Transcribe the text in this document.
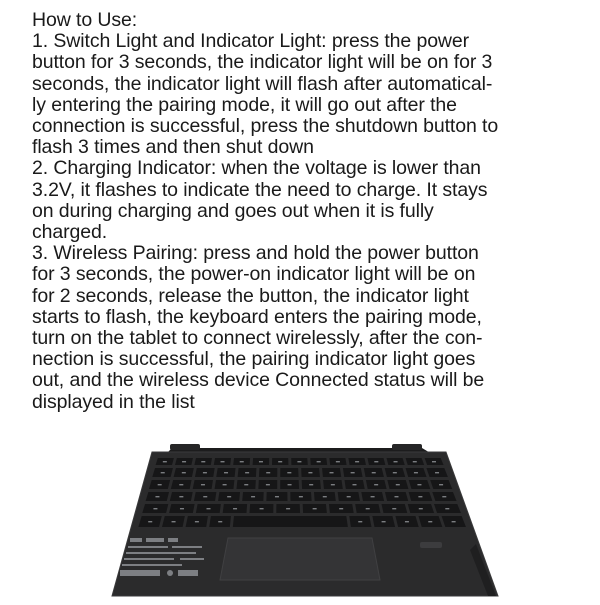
How to Use:
1. Switch Light and Indicator Light: press the power
button for 3 seconds, the indicator light will be on for 3
seconds, the indicator light will flash after automatical-
ly entering the pairing mode, it will go out after the
connection is successful, press the shutdown button to
flash 3 times and then shut down
2. Charging Indicator: when the voltage is lower than
3.2V, it flashes to indicate the need to charge. It stays
on during charging and goes out when it is fully
charged.
3. Wireless Pairing: press and hold the power button
for 3 seconds, the power-on indicator light will be on
for 2 seconds, release the button, the indicator light
starts to flash, the keyboard enters the pairing mode,
turn on the tablet to connect wirelessly, after the con-
nection is successful, the pairing indicator light goes
out, and the wireless device Connected status will be
displayed in the list
